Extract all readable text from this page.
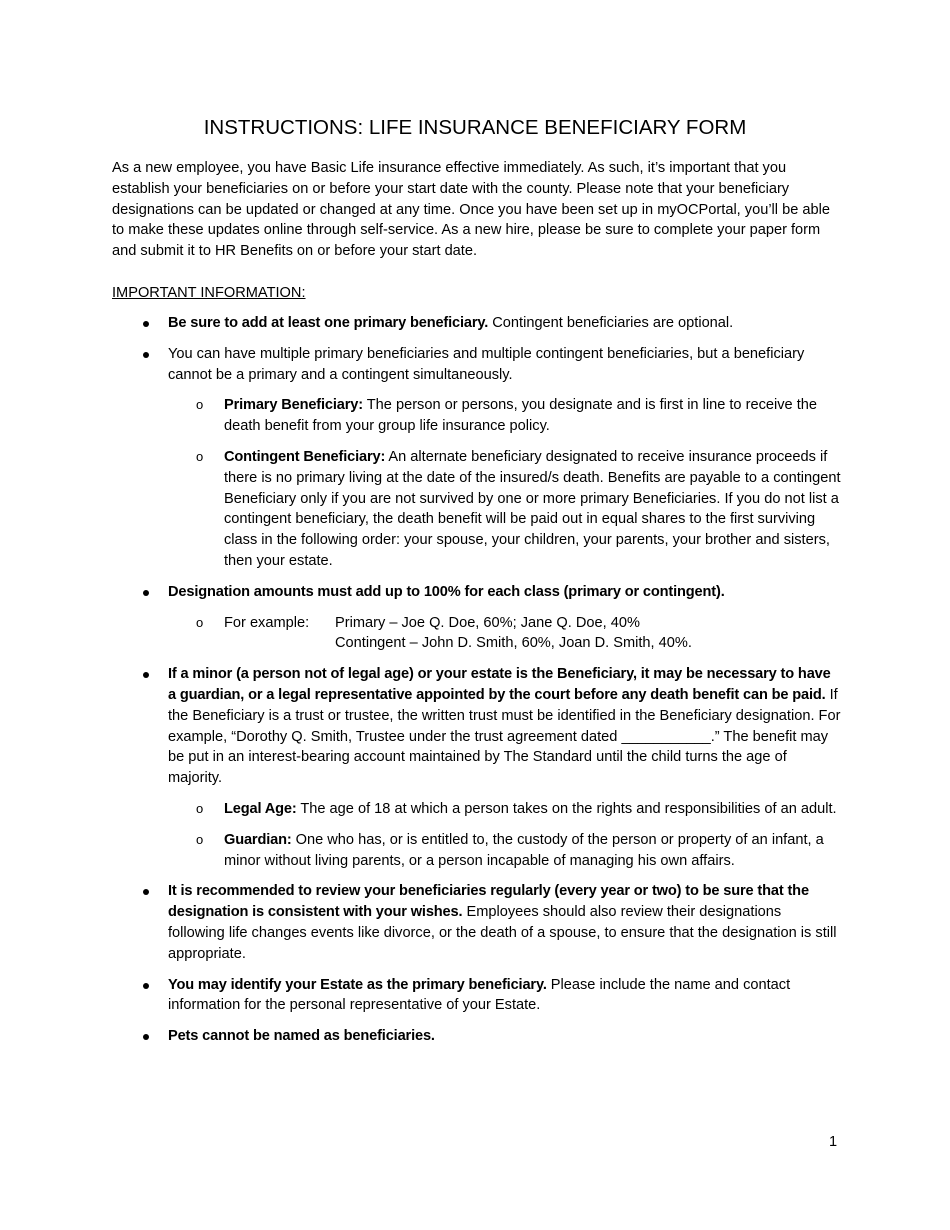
INSTRUCTIONS: LIFE INSURANCE BENEFICIARY FORM

As a new employee, you have Basic Life insurance effective immediately. As such, it’s important that you establish your beneficiaries on or before your start date with the county. Please note that your beneficiary designations can be updated or changed at any time. Once you have been set up in myOCPortal, you’ll be able to make these updates online through self-service. As a new hire, please be sure to complete your paper form and submit it to HR Benefits on or before your start date.

IMPORTANT INFORMATION:
Be sure to add at least one primary beneficiary. Contingent beneficiaries are optional.
You can have multiple primary beneficiaries and multiple contingent beneficiaries, but a beneficiary cannot be a primary and a contingent simultaneously.
o Primary Beneficiary: The person or persons, you designate and is first in line to receive the death benefit from your group life insurance policy.
o Contingent Beneficiary: An alternate beneficiary designated to receive insurance proceeds if there is no primary living at the date of the insured/s death. Benefits are payable to a contingent Beneficiary only if you are not survived by one or more primary Beneficiaries. If you do not list a contingent beneficiary, the death benefit will be paid out in equal shares to the first surviving class in the following order: your spouse, your children, your parents, your brother and sisters, then your estate.
Designation amounts must add up to 100% for each class (primary or contingent).
o For example:	Primary – Joe Q. Doe, 60%; Jane Q. Doe, 40%
Contingent – John D. Smith, 60%, Joan D. Smith, 40%.
If a minor (a person not of legal age) or your estate is the Beneficiary, it may be necessary to have a guardian, or a legal representative appointed by the court before any death benefit can be paid. If the Beneficiary is a trust or trustee, the written trust must be identified in the Beneficiary designation. For example, “Dorothy Q. Smith, Trustee under the trust agreement dated ___________.” The benefit may be put in an interest-bearing account maintained by The Standard until the child turns the age of majority.
o Legal Age: The age of 18 at which a person takes on the rights and responsibilities of an adult.
o Guardian: One who has, or is entitled to, the custody of the person or property of an infant, a minor without living parents, or a person incapable of managing his own affairs.
It is recommended to review your beneficiaries regularly (every year or two) to be sure that the designation is consistent with your wishes. Employees should also review their designations following life changes events like divorce, or the death of a spouse, to ensure that the designation is still appropriate.
You may identify your Estate as the primary beneficiary. Please include the name and contact information for the personal representative of your Estate.
Pets cannot be named as beneficiaries.
1
